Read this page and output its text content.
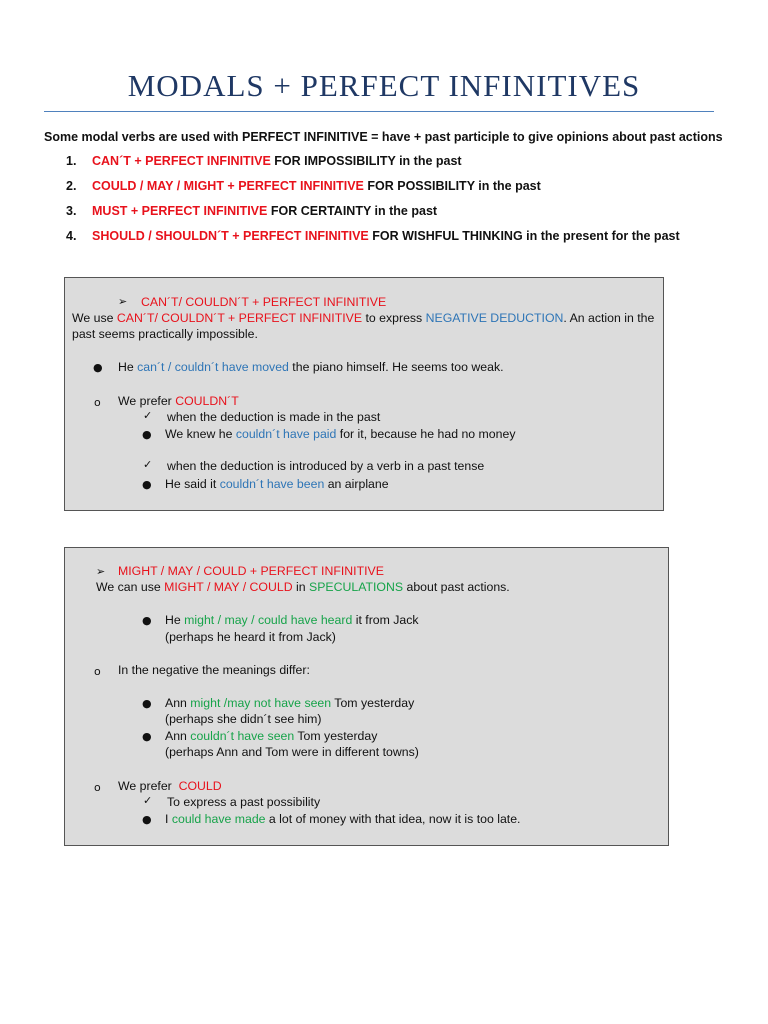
MODALS + PERFECT INFINITIVES
Some modal verbs are used with PERFECT INFINITIVE = have + past participle to give opinions about past actions
1. CAN´T + PERFECT INFINITIVE FOR IMPOSSIBILITY in the past
2. COULD / MAY / MIGHT + PERFECT INFINITIVE FOR POSSIBILITY in the past
3. MUST + PERFECT INFINITIVE FOR CERTAINTY in the past
4. SHOULD / SHOULDN´T + PERFECT INFINITIVE FOR WISHFUL THINKING in the present for the past
➢ CAN´T/ COULDN´T + PERFECT INFINITIVE
We use CAN´T/ COULDN´T + PERFECT INFINITIVE to express NEGATIVE DEDUCTION. An action in the
past seems practically impossible.
● He can´t / couldn´t have moved the piano himself. He seems too weak.
o We prefer COULDN´T
✓ when the deduction is made in the past
● We knew he couldn´t have paid for it, because he had no money
✓ when the deduction is introduced by a verb in a past tense
● He said it couldn´t have been an airplane
➢ MIGHT / MAY / COULD + PERFECT INFINITIVE
We can use MIGHT / MAY / COULD in SPECULATIONS about past actions.
● He might / may / could have heard it from Jack
(perhaps he heard it from Jack)
o In the negative the meanings differ:
● Ann might /may not have seen Tom yesterday
(perhaps she didn´t see him)
● Ann couldn´t have seen Tom yesterday
(perhaps Ann and Tom were in different towns)
o We prefer  COULD
✓ To express a past possibility
● I could have made a lot of money with that idea, now it is too late.
